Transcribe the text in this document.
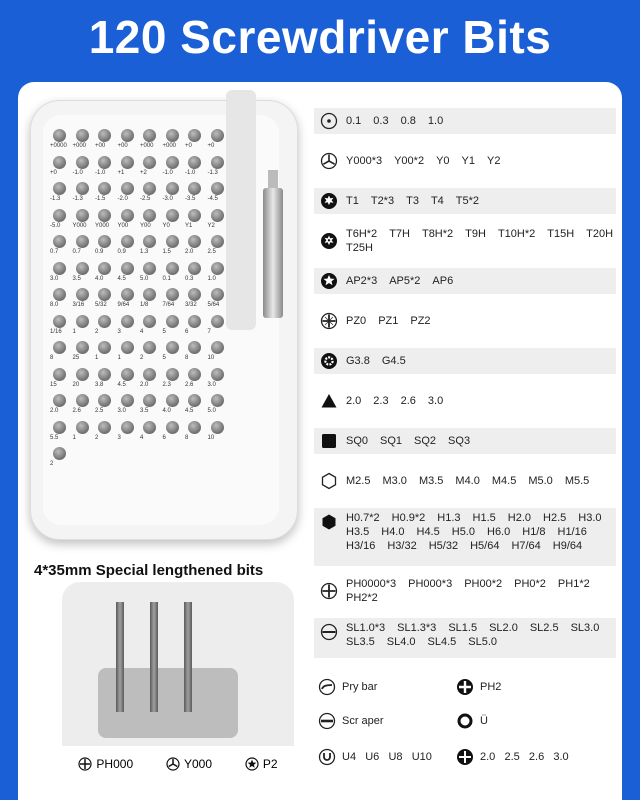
120 Screwdriver Bits
+0000 +000 +00 +00 +000 +000 +0	+0
+0	-1.0 -1.0 +1	+2	-1.0 -1.0 -1.3
-1.3 -1.3 -1.5 -2.0 -2.5 -3.0 -3.5 -4.5
-5.0 Y000 Y000 Y00 Y00 Y0	Y1	Y2
0.7 0.7 0.9 0.9 1.3 1.5 2.0 2.5
3.0 3.5 4.0 4.5 5.0 0.1 0.3 1.0
8.0 3/16 5/32 9/64 1/8 7/64 3/32 5/64
1/16 1	2	3	4	5	6	7
8	25	1	1	2	5	8	10
15	20	3.8 4.5 2.0 2.3 2.6 3.0
2.0 2.6 2.5 3.0 3.5 4.0 4.5 5.0
5.5 1	2	3	4	6	8	10
2
4*35mm Special lengthened bits
PH000	Y000	P2
0.1 0.3 0.8 1.0
Y000*3 Y00*2 Y0 Y1 Y2
T1 T2*3 T3 T4 T5*2
T6H*2 T7H T8H*2 T9H T10H*2 T15H T20H
T25H
AP2*3 AP5*2 AP6
PZ0 PZ1 PZ2
G3.8 G4.5
2.0 2.3 2.6 3.0
SQ0 SQ1 SQ2 SQ3
M2.5 M3.0 M3.5 M4.0 M4.5 M5.0 M5.5
H0.7*2 H0.9*2 H1.3 H1.5 H2.0 H2.5 H3.0
H3.5 H4.0 H4.5 H5.0 H6.0 H1/8 H1/16
H3/16 H3/32 H5/32 H5/64 H7/64 H9/64
PH0000*3 PH000*3 PH00*2 PH0*2 PH1*2
PH2*2
SL1.0*3 SL1.3*3 SL1.5 SL2.0 SL2.5 SL3.0
SL3.5 SL4.0 SL4.5 SL5.0
Pry bar	PH2
Scr aper	Ü
U4   U6   U8   U10	2.0   2.5   2.6   3.0
